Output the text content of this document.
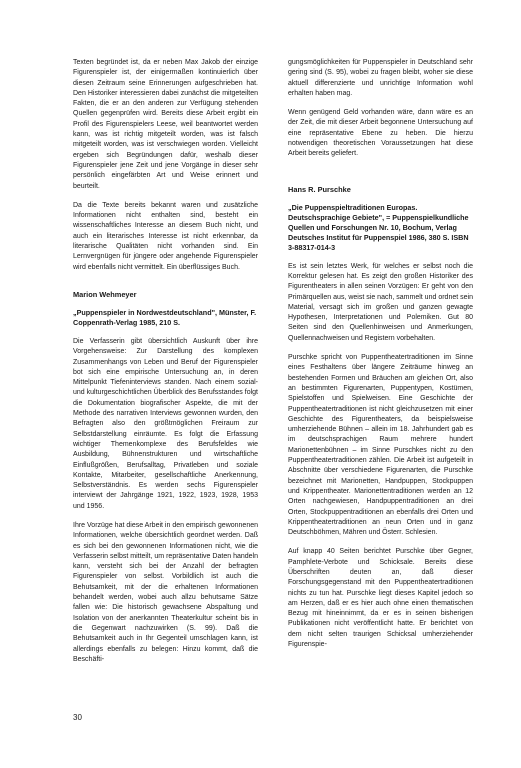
Texten begründet ist, da er neben Max Jakob der einzige Figurenspieler ist, der einigermaßen kontinuierlich über diesen Zeitraum seine Erinnerungen aufgeschrieben hat. Den Historiker interessieren dabei zunächst die mitgeteilten Fakten, die er an den anderen zur Verfügung stehenden Quellen gegenprüfen wird. Bereits diese Arbeit ergibt ein Profil des Figurenspielers Leese, weil beantwortet werden kann, was ist richtig mitgeteilt worden, was ist falsch mitgeteilt worden, was ist verschwiegen worden. Vielleicht ergeben sich Begründungen dafür, weshalb dieser Figurenspieler jene Zeit und jene Vorgänge in dieser sehr persönlich eingefärbten Art und Weise erinnert und beurteilt.

Da die Texte bereits bekannt waren und zusätzliche Informationen nicht enthalten sind, besteht ein wissenschaftliches Interesse an diesem Buch nicht, und auch ein literarisches Interesse ist nicht erkennbar, da literarische Qualitäten nicht vorhanden sind. Ein Lernvergnügen für jüngere oder angehende Figurenspieler wird ebenfalls nicht vermittelt. Ein überflüssiges Buch.

Marion Wehmeyer
„Puppenspieler in Nordwestdeutschland", Münster, F. Coppenrath-Verlag 1985, 210 S.

Die Verfasserin gibt übersichtlich Auskunft über ihre Vorgehensweise: Zur Darstellung des komplexen Zusammenhangs von Leben und Beruf der Figurenspieler bot sich eine empirische Untersuchung an, in deren Mittelpunkt Tiefeninterviews standen. Nach einem sozial- und kulturgeschichtlichen Überblick des Berufsstandes folgt die Dokumentation biografischer Aspekte, die mit der Methode des narrativen Interviews gewonnen wurden, den Befragten also den größtmöglichen Freiraum zur Selbstdarstellung einräumte. Es folgt die Erfassung wichtiger Themenkomplexe des Berufsfeldes wie Ausbildung, Bühnenstrukturen und wirtschaftliche Einflußgrößen, Berufsalltag, Privatleben und soziale Kontakte, Mitarbeiter, gesellschaftliche Anerkennung, Selbstverständnis. Es werden sechs Figurenspieler interviewt der Jahrgänge 1921, 1922, 1923, 1928, 1953 und 1956.

Ihre Vorzüge hat diese Arbeit in den empirisch gewonnenen Informationen, welche übersichtlich geordnet werden. Daß es sich bei den gewonnenen Informationen nicht, wie die Verfasserin selbst mitteilt, um repräsentative Daten handeln kann, versteht sich bei der Anzahl der befragten Figurenspieler von selbst. Vorbildlich ist auch die Behutsamkeit, mit der die erhaltenen Informationen behandelt werden, wobei auch allzu behutsame Sätze fallen wie: Die historisch gewachsene Abspaltung und Isolation von der anerkannten Theaterkultur scheint bis in die Gegenwart nachzuwirken (S. 99). Daß die Behutsamkeit auch in Ihr Gegenteil umschlagen kann, ist allerdings ebenfalls zu belegen: Hinzu kommt, daß die Beschäfti-

gungsmöglichkeiten für Puppenspieler in Deutschland sehr gering sind (S. 95), wobei zu fragen bleibt, woher sie diese aktuell differenzierte und unrichtige Information wohl erhalten haben mag.

Wenn genügend Geld vorhanden wäre, dann wäre es an der Zeit, die mit dieser Arbeit begonnene Untersuchung auf eine repräsentative Ebene zu heben. Die hierzu notwendigen theoretischen Voraussetzungen hat diese Arbeit bereits geliefert.

Hans R. Purschke
„Die Puppenspieltraditionen Europas. Deutschsprachige Gebiete", = Puppenspielkundliche Quellen und Forschungen Nr. 10, Bochum, Verlag Deutsches Institut für Puppenspiel 1986, 380 S. ISBN 3-88317-014-3

Es ist sein letztes Werk, für welches er selbst noch die Korrektur gelesen hat. Es zeigt den großen Historiker des Figurentheaters in allen seinen Vorzügen: Er geht von den Primärquellen aus, weist sie nach, sammelt und ordnet sein Material, versagt sich im großen und ganzen gewagte Hypothesen, Interpretationen und Polemiken. Gut 80 Seiten sind den Quellenhinweisen und Anmerkungen, Quellennachweisen und Registern vorbehalten.

Purschke spricht von Puppentheatertraditionen im Sinne eines Festhaltens über längere Zeiträume hinweg an bestehenden Formen und Bräuchen am gleichen Ort, also an bestimmten Figurenarten, Puppentypen, Kostümen, Spielstoffen und Spielweisen. Eine Geschichte der Puppentheatertraditionen ist nicht gleichzusetzen mit einer Geschichte des Figurentheaters, da beispielsweise umherziehende Bühnen – allein im 18. Jahrhundert gab es im deutschsprachigen Raum mehrere hundert Marionettenbühnen – im Sinne Purschkes nicht zu den Puppentheatertraditionen zählen. Die Arbeit ist aufgeteilt in Abschnitte über verschiedene Figurenarten, die Purschke bezeichnet mit Marionetten, Handpuppen, Stockpuppen und Krippentheater. Marionettentraditionen werden an 12 Orten nachgewiesen, Handpuppentraditionen an drei Orten, Stockpuppentraditionen an ebenfalls drei Orten und Krippentheatertraditionen an neun Orten und in ganz Deutschböhmen, Mähren und Österr. Schlesien.

Auf knapp 40 Seiten berichtet Purschke über Gegner, Pamphlete-Verbote und Schicksale. Bereits diese Überschriften deuten an, daß dieser Forschungsgegenstand mit den Puppentheatertraditionen nichts zu tun hat. Purschke liegt dieses Kapitel jedoch so am Herzen, daß er es hier auch ohne einen thematischen Bezug mit hineinnimmt, da er es in seinen bisherigen Publikationen nicht veröffentlicht hatte. Er berichtet von dem nicht selten traurigen Schicksal umherziehender Figurenspie-

30
